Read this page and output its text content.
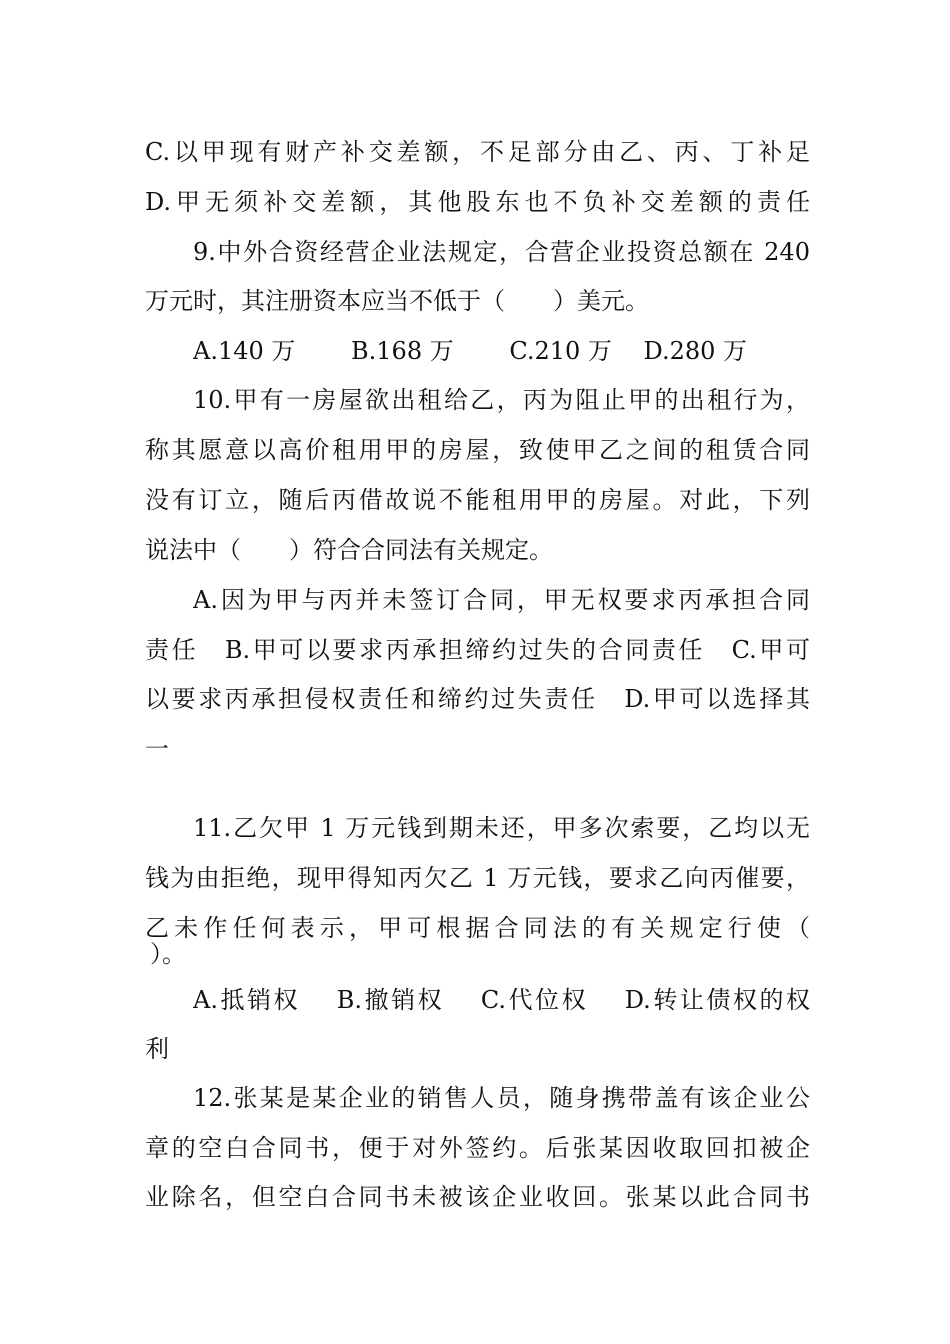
C.以甲现有财产补交差额，不足部分由乙、丙、丁补足
D.甲无须补交差额，其他股东也不负补交差额的责任
9.中外合资经营企业法规定，合营企业投资总额在 240
万元时，其注册资本应当不低于（　　）美元。
A.140 万　　 B.168 万　　 C.210 万　 D.280 万
10.甲有一房屋欲出租给乙，丙为阻止甲的出租行为，
称其愿意以高价租用甲的房屋，致使甲乙之间的租赁合同
没有订立，随后丙借故说不能租用甲的房屋。对此，下列
说法中（　　）符合合同法有关规定。
A.因为甲与丙并未签订合同，甲无权要求丙承担合同
责任　B.甲可以要求丙承担缔约过失的合同责任　C.甲可
以要求丙承担侵权责任和缔约过失责任　D.甲可以选择其
一
11.乙欠甲 1 万元钱到期未还，甲多次索要，乙均以无
钱为由拒绝，现甲得知丙欠乙 1 万元钱，要求乙向丙催要，
乙未作任何表示，甲可根据合同法的有关规定行使（
）。
A.抵销权　 B.撤销权　 C.代位权　 D.转让债权的权
利
12.张某是某企业的销售人员，随身携带盖有该企业公
章的空白合同书，便于对外签约。后张某因收取回扣被企
业除名，但空白合同书未被该企业收回。张某以此合同书
